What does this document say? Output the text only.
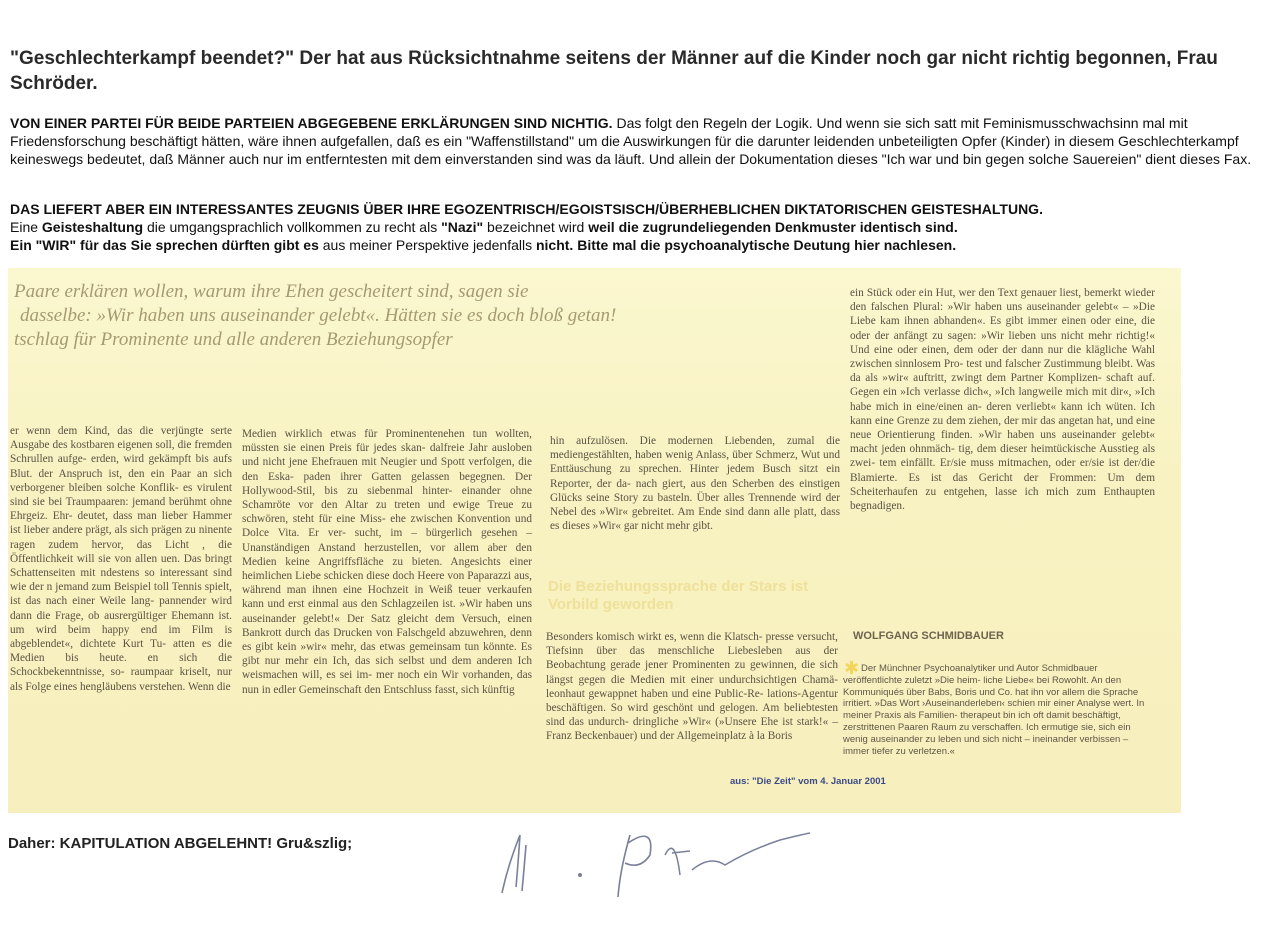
"Geschlechterkampf beendet?" Der hat aus Rücksichtnahme seitens der Männer auf die Kinder noch gar nicht richtig begonnen, Frau Schröder.
VON EINER PARTEI FÜR BEIDE PARTEIEN ABGEGEBENE ERKLÄRUNGEN SIND NICHTIG. Das folgt den Regeln der Logik. Und wenn sie sich satt mit Feminismusschwachsinn mal mit Friedensforschung beschäftigt hätten, wäre ihnen aufgefallen, daß es ein "Waffenstillstand" um die Auswirkungen für die darunter leidenden unbeteiligten Opfer (Kinder) in diesem Geschlechterkampf keineswegs bedeutet, daß Männer auch nur im entferntesten mit dem einverstanden sind was da läuft. Und allein der Dokumentation dieses "Ich war und bin gegen solche Sauereien" dient dieses Fax.
DAS LIEFERT ABER EIN INTERESSANTES ZEUGNIS ÜBER IHRE EGOZENTRISCH/EGOISTSISCH/ÜBERHEBLICHEN DIKTATORISCHEN GEISTESHALTUNG.
Eine Geisteshaltung die umgangsprachlich vollkommen zu recht als "Nazi" bezeichnet wird weil die zugrundeliegenden Denkmuster identisch sind.
Ein "WIR" für das Sie sprechen dürften gibt es aus meiner Perspektive jedenfalls nicht. Bitte mal die psychoanalytische Deutung hier nachlesen.
Paare erklären wollen, warum ihre Ehen gescheitert sind, sagen sie
dasselbe: »Wir haben uns auseinander gelebt«. Hätten sie es doch bloß getan!
tschlag für Prominente und alle anderen Beziehungsopfer
er wenn dem Kind, das die verjüngte serte Ausgabe des kostbaren eigenen soll, die fremden Schrullen aufge- erden, wird gekämpft bis aufs Blut. der Anspruch ist, den ein Paar an sich verborgener bleiben solche Konflik- es virulent sind sie bei Traumpaaren: jemand berühmt ohne Ehrgeiz. Ehr- deutet, dass man lieber Hammer ist lieber andere prägt, als sich prägen zu ninente ragen zudem hervor, das Licht , die Öffentlichkeit will sie von allen uen. Das bringt Schattenseiten mit ndestens so interessant sind wie der n jemand zum Beispiel toll Tennis spielt, ist das nach einer Weile lang- pannender wird dann die Frage, ob ausrergültiger Ehemann ist. um wird beim happy end im Film is abgeblendet«, dichtete Kurt Tu- atten es die Medien bis heute. en sich die Schockbekenntnisse, so- raumpaar kriselt, nur als Folge eines hengläubens verstehen. Wenn die
Medien wirklich etwas für Prominentenehen tun wollten, müssten sie einen Preis für jedes skan- dalfreie Jahr ausloben und nicht jene Ehefrauen mit Neugier und Spott verfolgen, die den Eska- paden ihrer Gatten gelassen begegnen. Der Hollywood-Stil, bis zu siebenmal hinter- einander ohne Schamröte vor den Altar zu treten und ewige Treue zu schwören, steht für eine Miss- ehe zwischen Konvention und Dolce Vita. Er ver- sucht, im – bürgerlich gesehen – Unanständigen Anstand herzustellen, vor allem aber den Medien keine Angriffsfläche zu bieten. Angesichts einer heimlichen Liebe schicken diese doch Heere von Paparazzi aus, während man ihnen eine Hochzeit in Weiß teuer verkaufen kann und erst einmal aus den Schlagzeilen ist. »Wir haben uns auseinander gelebt!« Der Satz gleicht dem Versuch, einen Bankrott durch das Drucken von Falschgeld abzuwehren, denn es gibt kein »wir« mehr, das etwas gemeinsam tun könnte. Es gibt nur mehr ein Ich, das sich selbst und dem anderen Ich weismachen will, es sei im- mer noch ein Wir vorhanden, das nun in edler Gemeinschaft den Entschluss fasst, sich künftig
hin aufzulösen. Die modernen Liebenden, zumal die mediengestählten, haben wenig Anlass, über Schmerz, Wut und Enttäuschung zu sprechen. Hinter jedem Busch sitzt ein Reporter, der da- nach giert, aus den Scherben des einstigen Glücks seine Story zu basteln. Über alles Trennende wird der Nebel des »Wir« gebreitet. Am Ende sind dann alle platt, dass es dieses »Wir« gar nicht mehr gibt.
Die Beziehungssprache der Stars ist Vorbild geworden
Besonders komisch wirkt es, wenn die Klatsch- presse versucht, Tiefsinn über das menschliche Liebesleben aus der Beobachtung gerade jener Prominenten zu gewinnen, die sich längst gegen die Medien mit einer undurchsichtigen Chamä- leonhaut gewappnet haben und eine Public-Re- lations-Agentur beschäftigen. So wird geschönt und gelogen. Am beliebtesten sind das undurch- dringliche »Wir« (»Unsere Ehe ist stark!« – Franz Beckenbauer) und der Allgemeinplatz à la Boris
ein Stück oder ein Hut, wer den Text genauer liest, bemerkt wieder den falschen Plural: »Wir haben uns auseinander gelebt« – »Die Liebe kam ihnen abhanden«. Es gibt immer einen oder eine, die oder der anfängt zu sagen: »Wir lieben uns nicht mehr richtig!« Und eine oder einen, dem oder der dann nur die klägliche Wahl zwischen sinnlosem Pro- test und falscher Zustimmung bleibt. Was da als »wir« auftritt, zwingt dem Partner Komplizen- schaft auf. Gegen ein »Ich verlasse dich«, »Ich langweile mich mit dir«, »Ich habe mich in eine/einen an- deren verliebt« kann ich wüten. Ich kann eine Grenze zu dem ziehen, der mir das angetan hat, und eine neue Orientierung finden. »Wir haben uns auseinander gelebt« macht jeden ohnmäch- tig, dem dieser heimtückische Ausstieg als zwei- tem einfällt. Er/sie muss mitmachen, oder er/sie ist der/die Blamierte. Es ist das Gericht der Frommen: Um dem Scheiterhaufen zu entgehen, lasse ich mich zum Enthaupten begnadigen.
WOLFGANG SCHMIDBAUER
✱ Der Münchner Psychoanalytiker und Autor Schmidbauer veröffentlichte zuletzt »Die heim- liche Liebe« bei Rowohlt. An den Kommuniqués über Babs, Boris und Co. hat ihn vor allem die Sprache irritiert. »Das Wort ›Auseinanderleben‹ schien mir einer Analyse wert. In meiner Praxis als Familien- therapeut bin ich oft damit beschäftigt, zerstrittenen Paaren Raum zu verschaffen. Ich ermutige sie, sich ein wenig auseinander zu leben und sich nicht – ineinander verbissen – immer tiefer zu verletzen.«
aus: "Die Zeit" vom 4. Januar 2001
Daher: KAPITULATION ABGELEHNT! Gru&szlig;
